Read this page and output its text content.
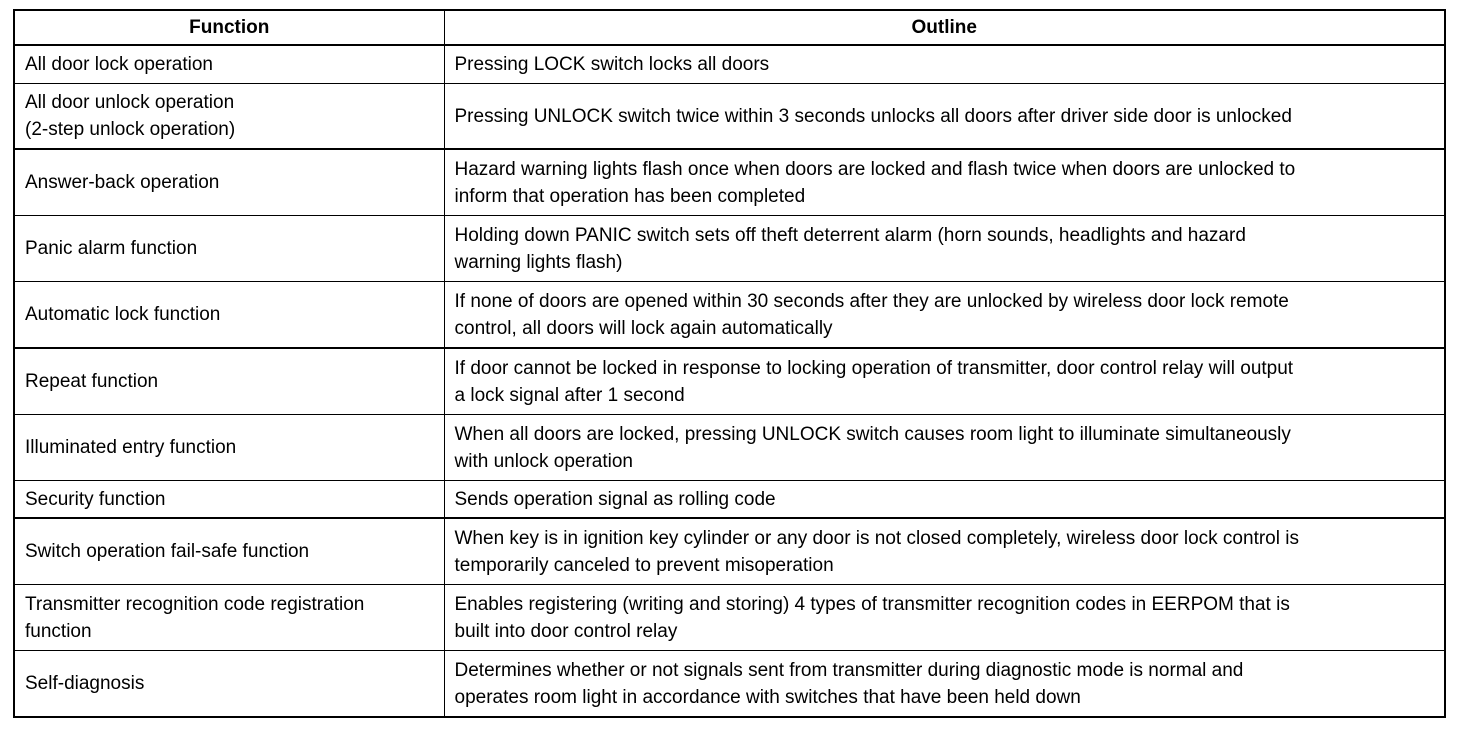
Function	Outline
All door lock operation	Pressing LOCK switch locks all doors
All door unlock operation
(2-step unlock operation)	Pressing UNLOCK switch twice within 3 seconds unlocks all doors after driver side door is unlocked
Answer-back operation	Hazard warning lights flash once when doors are locked and flash twice when doors are unlocked to
inform that operation has been completed
Panic alarm function	Holding down PANIC switch sets off theft deterrent alarm (horn sounds, headlights and hazard
warning lights flash)
Automatic lock function	If none of doors are opened within 30 seconds after they are unlocked by wireless door lock remote
control, all doors will lock again automatically
Repeat function	If door cannot be locked in response to locking operation of transmitter, door control relay will output
a lock signal after 1 second
Illuminated entry function	When all doors are locked, pressing UNLOCK switch causes room light to illuminate simultaneously
with unlock operation
Security function	Sends operation signal as rolling code
Switch operation fail-safe function	When key is in ignition key cylinder or any door is not closed completely, wireless door lock control is
temporarily canceled to prevent misoperation
Transmitter recognition code registration
function	Enables registering (writing and storing) 4 types of transmitter recognition codes in EERPOM that is
built into door control relay
Self-diagnosis	Determines whether or not signals sent from transmitter during diagnostic mode is normal and
operates room light in accordance with switches that have been held down
